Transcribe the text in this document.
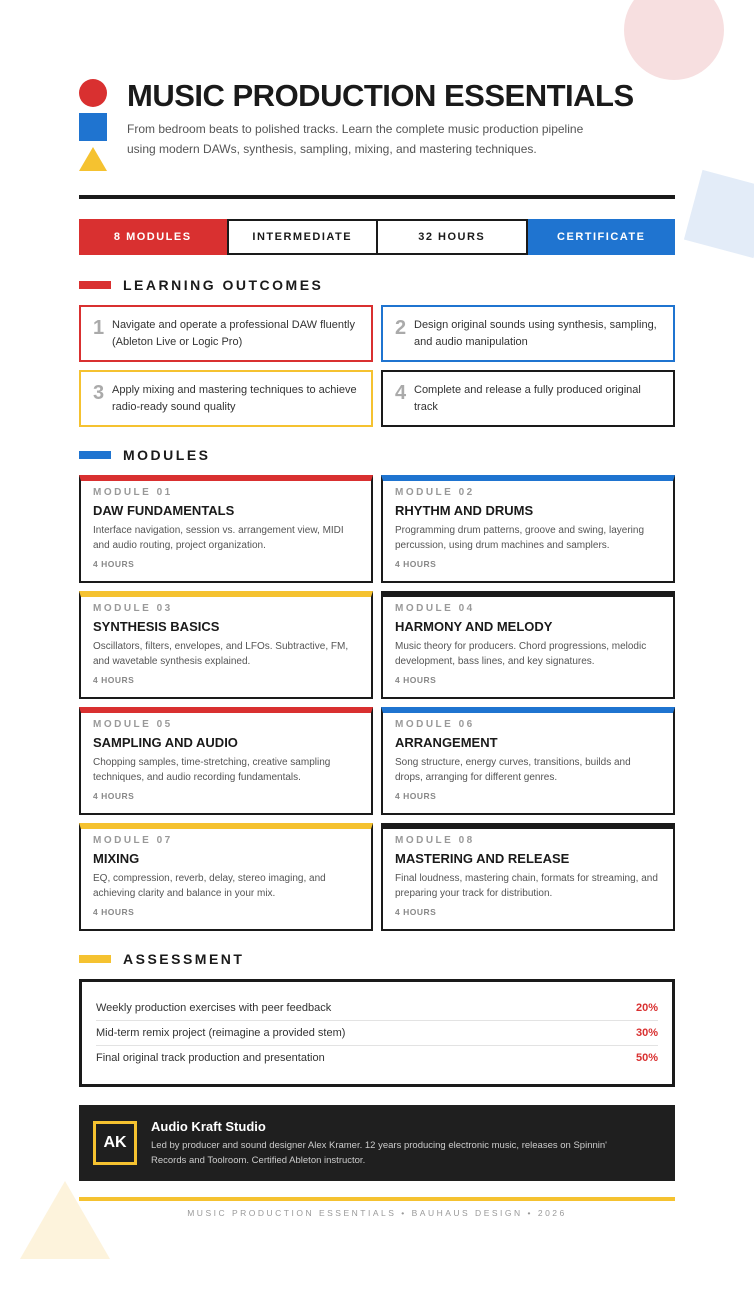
MUSIC PRODUCTION ESSENTIALS

From bedroom beats to polished tracks. Learn the complete music production pipeline using modern DAWs, synthesis, sampling, mixing, and mastering techniques.

8 MODULES	INTERMEDIATE	32 HOURS	CERTIFICATE
LEARNING OUTCOMES
1 Navigate and operate a professional DAW fluently (Ableton Live or Logic Pro)
2 Design original sounds using synthesis, sampling, and audio manipulation
3 Apply mixing and mastering techniques to achieve radio-ready sound quality
4 Complete and release a fully produced original track
MODULES
MODULE 01
DAW FUNDAMENTALS
Interface navigation, session vs. arrangement view, MIDI and audio routing, project organization.
4 HOURS
MODULE 02
RHYTHM AND DRUMS
Programming drum patterns, groove and swing, layering percussion, using drum machines and samplers.
4 HOURS
MODULE 03
SYNTHESIS BASICS
Oscillators, filters, envelopes, and LFOs. Subtractive, FM, and wavetable synthesis explained.
4 HOURS
MODULE 04
HARMONY AND MELODY
Music theory for producers. Chord progressions, melodic development, bass lines, and key signatures.
4 HOURS
MODULE 05
SAMPLING AND AUDIO
Chopping samples, time-stretching, creative sampling techniques, and audio recording fundamentals.
4 HOURS
MODULE 06
ARRANGEMENT
Song structure, energy curves, transitions, builds and drops, arranging for different genres.
4 HOURS
MODULE 07
MIXING
EQ, compression, reverb, delay, stereo imaging, and achieving clarity and balance in your mix.
4 HOURS
MODULE 08
MASTERING AND RELEASE
Final loudness, mastering chain, formats for streaming, and preparing your track for distribution.
4 HOURS
ASSESSMENT
Weekly production exercises with peer feedback	20%
Mid-term remix project (reimagine a provided stem)	30%
Final original track production and presentation	50%
AK
Audio Kraft Studio
Led by producer and sound designer Alex Kramer. 12 years producing electronic music, releases on Spinnin' Records and Toolroom. Certified Ableton instructor.
MUSIC PRODUCTION ESSENTIALS • BAUHAUS DESIGN • 2026
